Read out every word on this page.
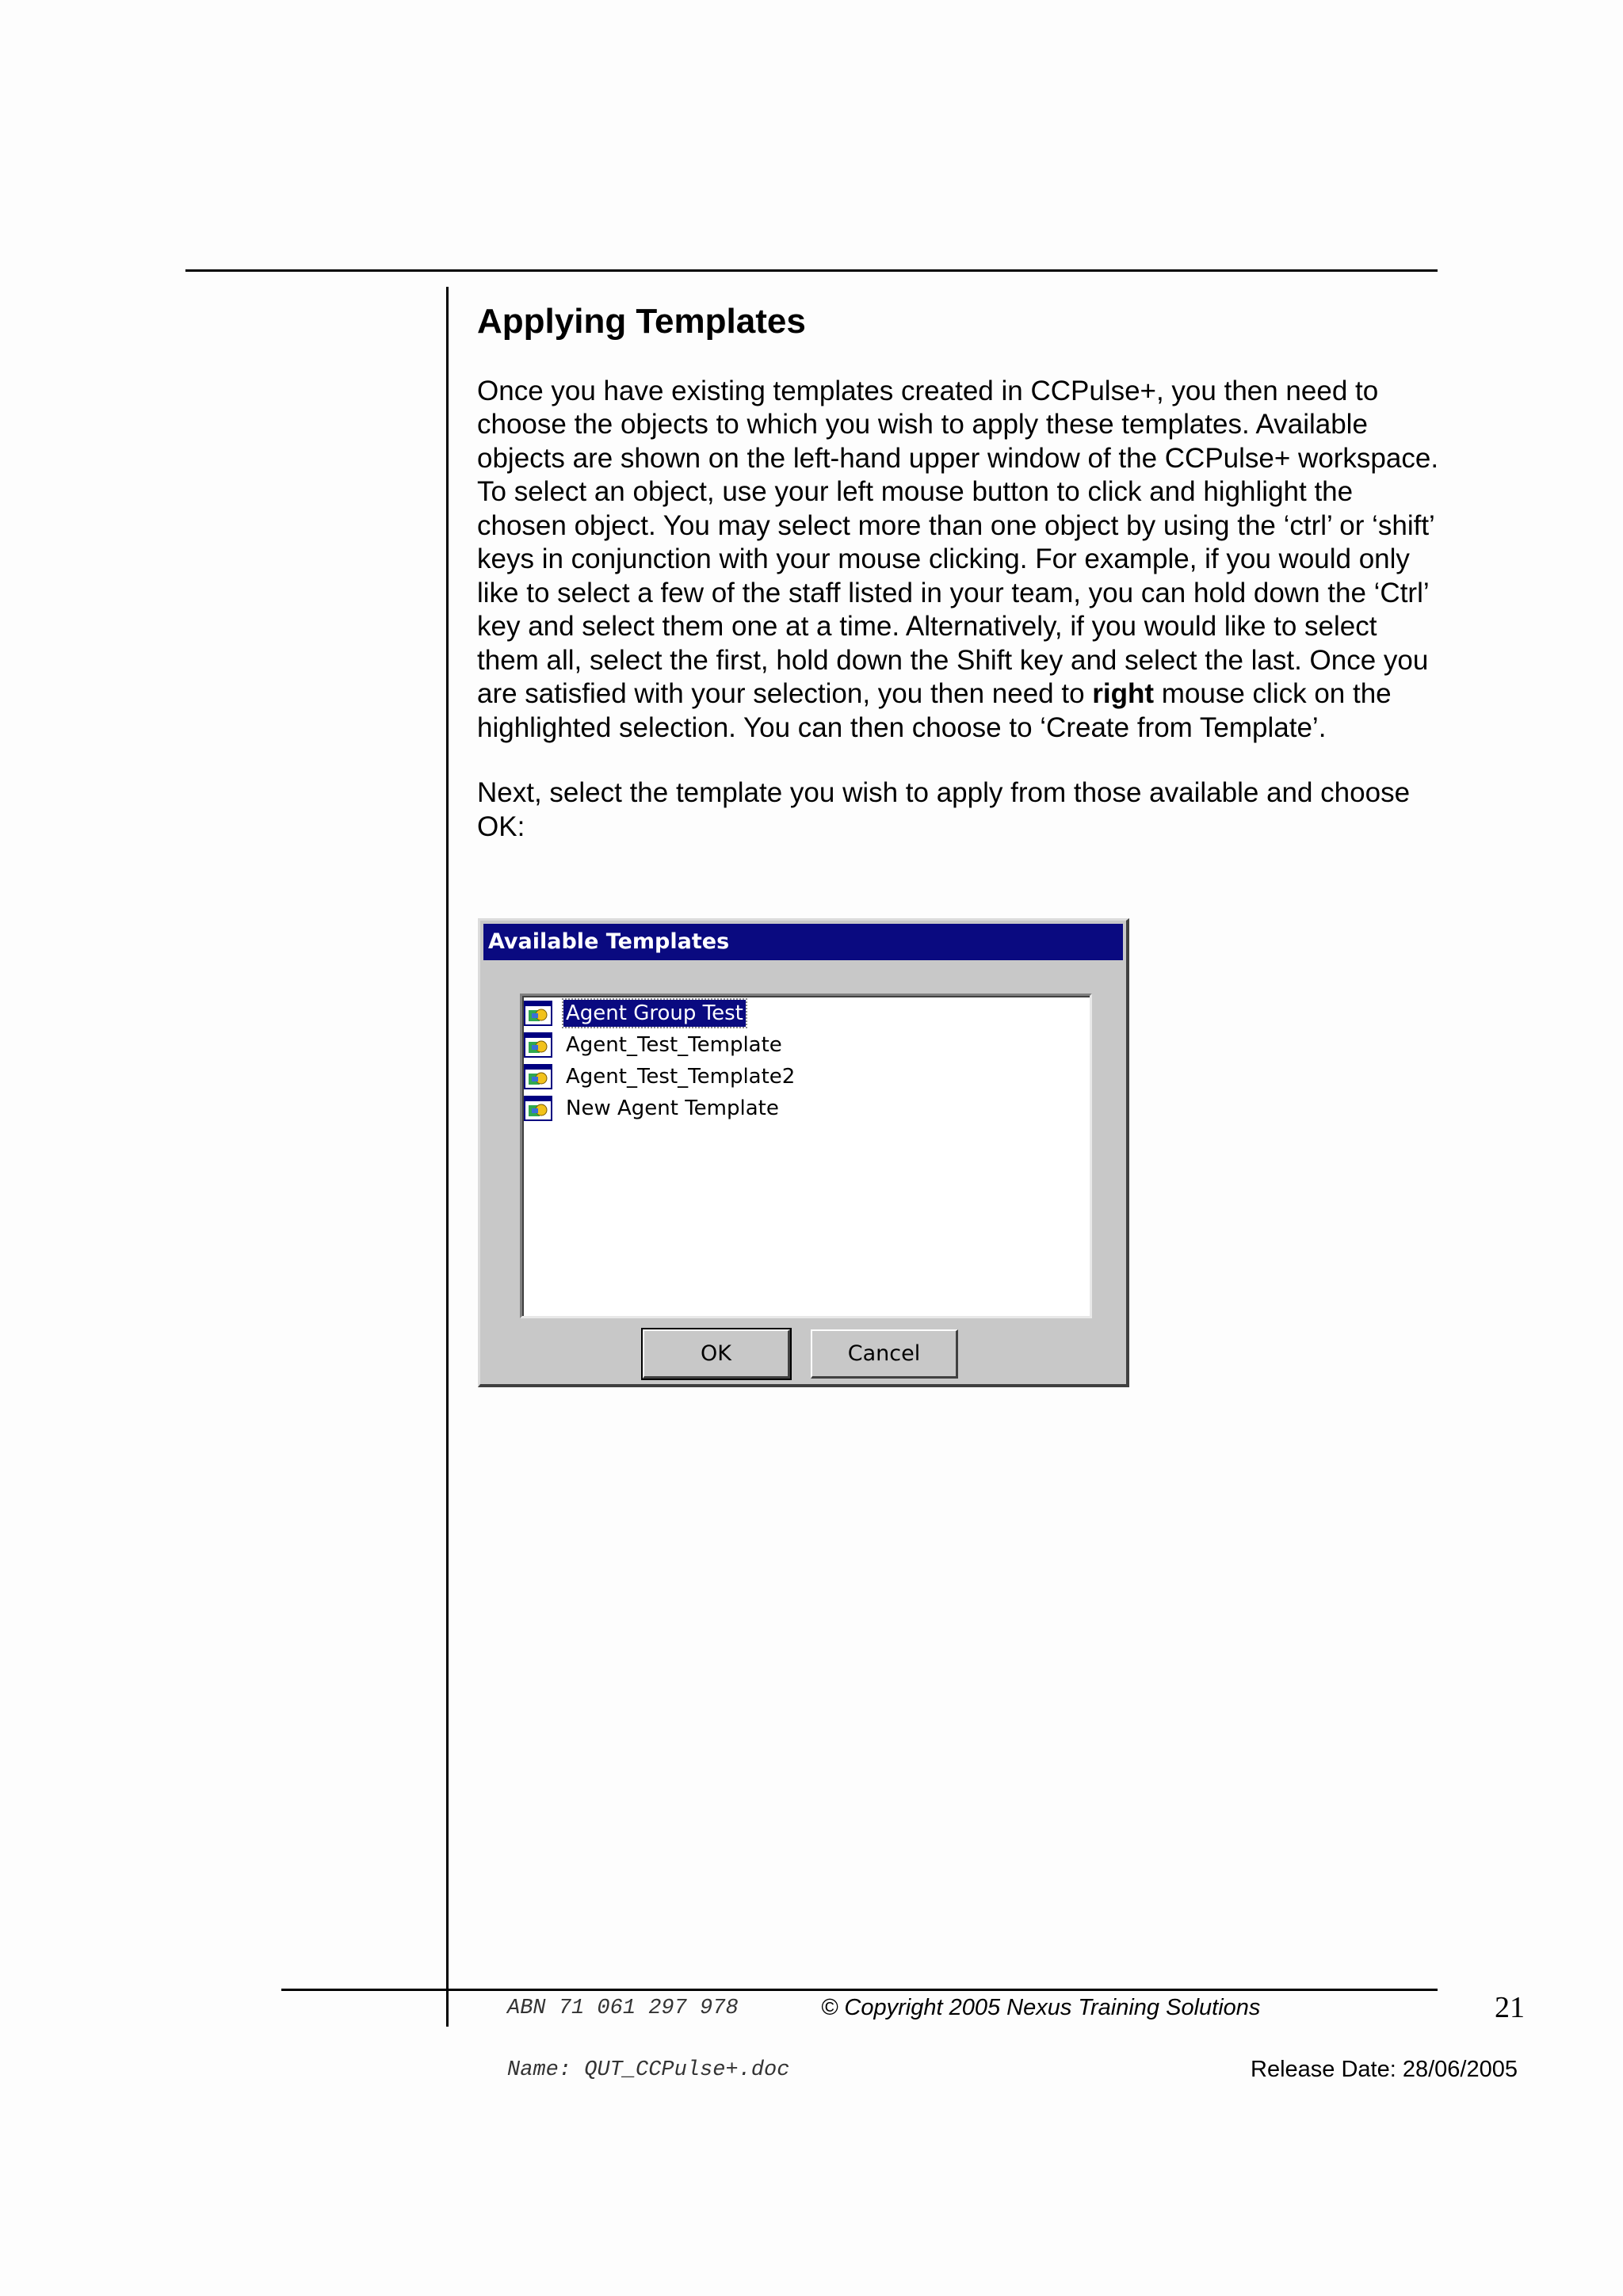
Applying Templates

Once you have existing templates created in CCPulse+, you then need to choose the objects to which you wish to apply these templates. Available objects are shown on the left-hand upper window of the CCPulse+ workspace. To select an object, use your left mouse button to click and highlight the chosen object. You may select more than one object by using the ‘ctrl’ or ‘shift’ keys in conjunction with your mouse clicking. For example, if you would only like to select a few of the staff listed in your team, you can hold down the ‘Ctrl’ key and select them one at a time. Alternatively, if you would like to select them all, select the first, hold down the Shift key and select the last. Once you are satisfied with your selection, you then need to right mouse click on the highlighted selection. You can then choose to ‘Create from Template’.

Next, select the template you wish to apply from those available and choose OK:

Available Templates
Agent Group Test
Agent_Test_Template
Agent_Test_Template2
New Agent Template
OK	Cancel
ABN 71 061 297 978	© Copyright 2005 Nexus Training Solutions	21
Name: QUT_CCPulse+.doc	Release Date: 28/06/2005
